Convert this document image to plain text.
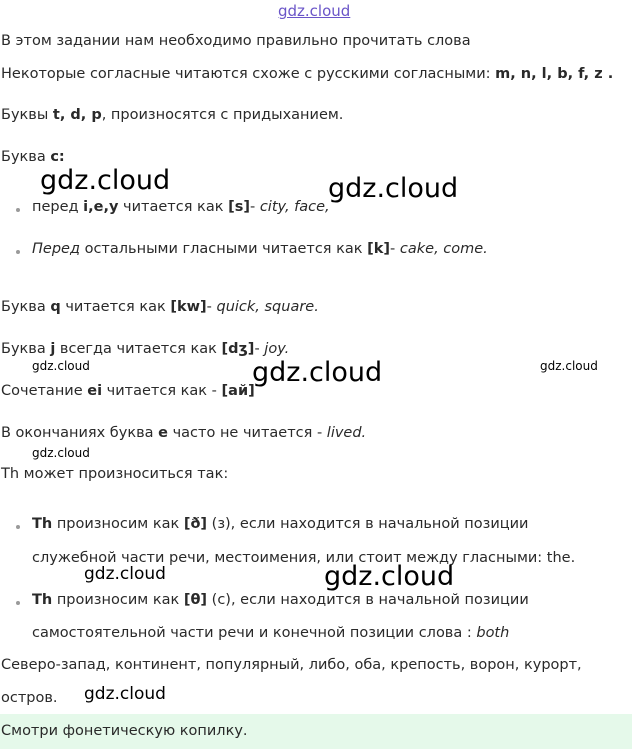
gdz.cloud
В этом задании нам необходимо правильно прочитать слова
Некоторые согласные читаются схоже с русскими согласными: m, n, l, b, f, z .
Буквы t, d, p, произносятся с придыханием.
Буква c:
gdz.cloud	gdz.cloud
перед i,e,y читается как [s]- city, face,
Перед остальными гласными читается как [k]- cake, come.
Буква q читается как [kw]- quick, square.
Буква j всегда читается как [dʒ]- joy.
gdz.cloud	gdz.cloud
gdz.cloud
Сочетание ei читается как - [ай]
В окончаниях буква e часто не читается - lived.
gdz.cloud
Th может произноситься так:
Th произносим как [ð] (з), если находится в начальной позиции
служебной части речи, местоимения, или стоит между гласными: the.
gdz.cloud	gdz.cloud
Th произносим как [θ] (с), если находится в начальной позиции
самостоятельной части речи и конечной позиции слова : both
Северо-запад, континент, популярный, либо, оба, крепость, ворон, курорт,
остров. gdz.cloud
Смотри фонетическую копилку.
